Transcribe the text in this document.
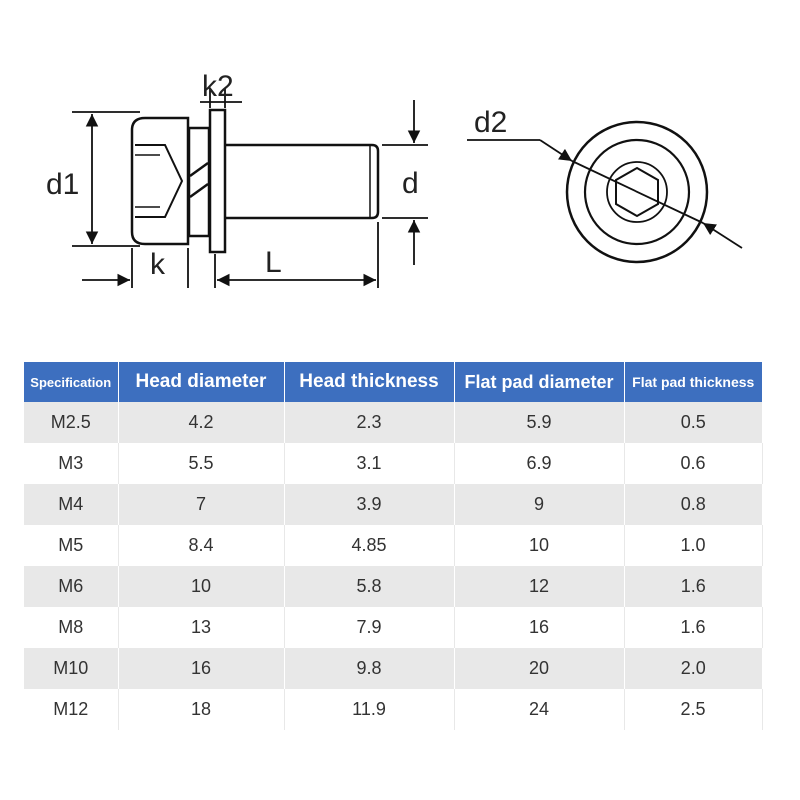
d1
k2
k	L
d
d2
Specification	Head diameter	Head thickness	Flat pad diameter	Flat pad thickness
M2.5	4.2	2.3	5.9	0.5
M3	5.5	3.1	6.9	0.6
M4	7	3.9	9	0.8
M5	8.4	4.85	10	1.0
M6	10	5.8	12	1.6
M8	13	7.9	16	1.6
M10	16	9.8	20	2.0
M12	18	11.9	24	2.5
